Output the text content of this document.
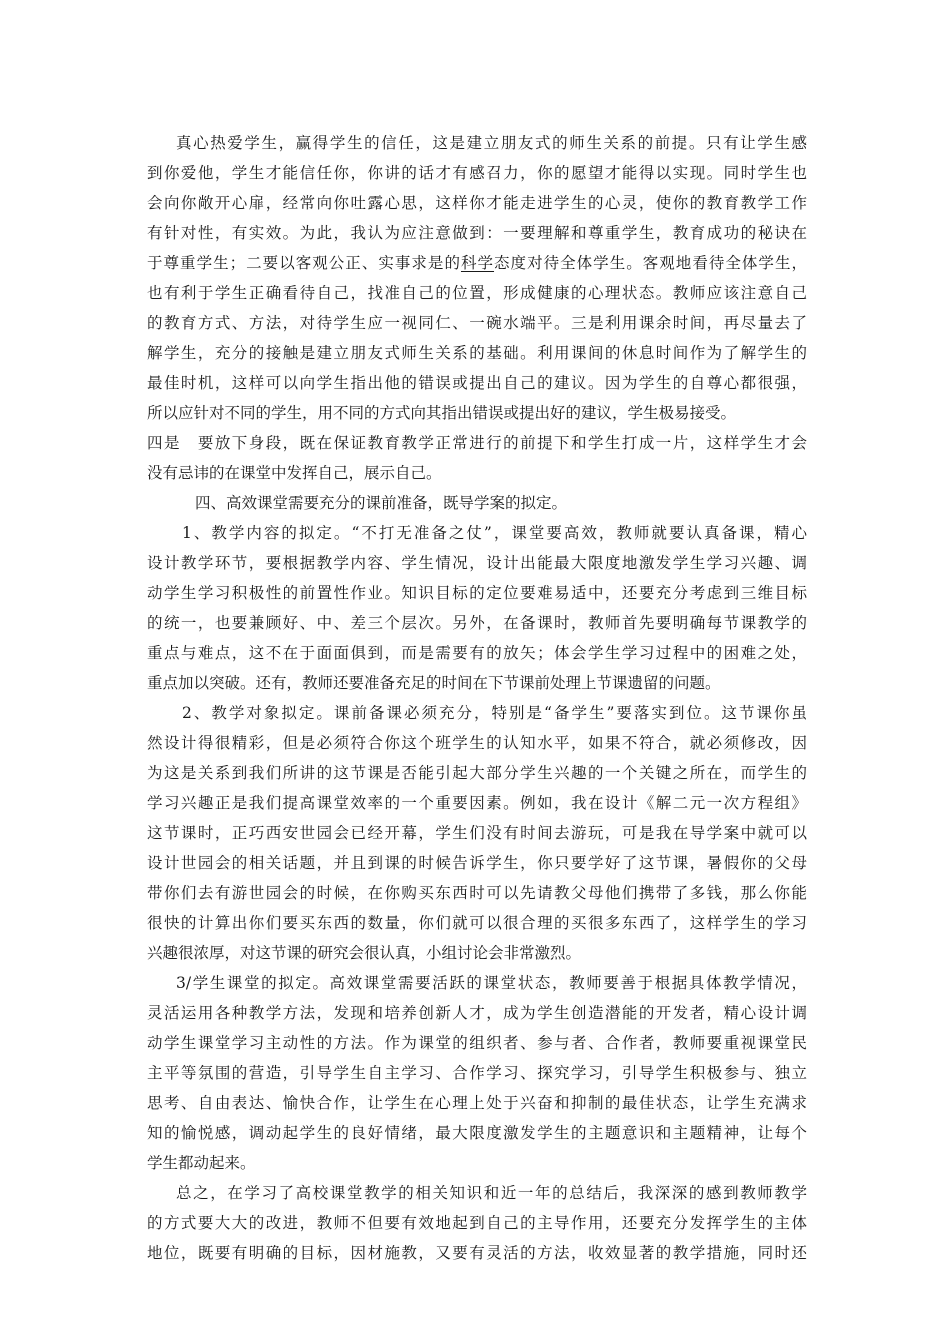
真心热爱学生，赢得学生的信任，这是建立朋友式的师生关系的前提。只有让学生感
到你爱他，学生才能信任你，你讲的话才有感召力，你的愿望才能得以实现。同时学生也
会向你敞开心扉，经常向你吐露心思，这样你才能走进学生的心灵，使你的教育教学工作
有针对性，有实效。为此，我认为应注意做到：一要理解和尊重学生，教育成功的秘诀在
于尊重学生；二要以客观公正、实事求是的科学态度对待全体学生。客观地看待全体学生，
也有利于学生正确看待自己，找准自己的位置，形成健康的心理状态。教师应该注意自己
的教育方式、方法，对待学生应一视同仁、一碗水端平。三是利用课余时间，再尽量去了
解学生，充分的接触是建立朋友式师生关系的基础。利用课间的休息时间作为了解学生的
最佳时机，这样可以向学生指出他的错误或提出自己的建议。因为学生的自尊心都很强，
所以应针对不同的学生，用不同的方式向其指出错误或提出好的建议，学生极易接受。
四是　要放下身段，既在保证教育教学正常进行的前提下和学生打成一片，这样学生才会
没有忌讳的在课堂中发挥自己，展示自己。
四、高效课堂需要充分的课前准备，既导学案的拟定。
1、教学内容的拟定。“不打无准备之仗”，课堂要高效，教师就要认真备课，精心
设计教学环节，要根据教学内容、学生情况，设计出能最大限度地激发学生学习兴趣、调
动学生学习积极性的前置性作业。知识目标的定位要难易适中，还要充分考虑到三维目标
的统一，也要兼顾好、中、差三个层次。另外，在备课时，教师首先要明确每节课教学的
重点与难点，这不在于面面俱到，而是需要有的放矢；体会学生学习过程中的困难之处，
重点加以突破。还有，教师还要准备充足的时间在下节课前处理上节课遗留的问题。
2、教学对象拟定。课前备课必须充分，特别是“备学生”要落实到位。这节课你虽
然设计得很精彩，但是必须符合你这个班学生的认知水平，如果不符合，就必须修改，因
为这是关系到我们所讲的这节课是否能引起大部分学生兴趣的一个关键之所在，而学生的
学习兴趣正是我们提高课堂效率的一个重要因素。例如，我在设计《解二元一次方程组》
这节课时，正巧西安世园会已经开幕，学生们没有时间去游玩，可是我在导学案中就可以
设计世园会的相关话题，并且到课的时候告诉学生，你只要学好了这节课，暑假你的父母
带你们去有游世园会的时候，在你购买东西时可以先请教父母他们携带了多钱，那么你能
很快的计算出你们要买东西的数量，你们就可以很合理的买很多东西了，这样学生的学习
兴趣很浓厚，对这节课的研究会很认真，小组讨论会非常激烈。
3/学生课堂的拟定。高效课堂需要活跃的课堂状态，教师要善于根据具体教学情况，
灵活运用各种教学方法，发现和培养创新人才，成为学生创造潜能的开发者，精心设计调
动学生课堂学习主动性的方法。作为课堂的组织者、参与者、合作者，教师要重视课堂民
主平等氛围的营造，引导学生自主学习、合作学习、探究学习，引导学生积极参与、独立
思考、自由表达、愉快合作，让学生在心理上处于兴奋和抑制的最佳状态，让学生充满求
知的愉悦感，调动起学生的良好情绪，最大限度激发学生的主题意识和主题精神，让每个
学生都动起来。
总之，在学习了高校课堂教学的相关知识和近一年的总结后，我深深的感到教师教学
的方式要大大的改进，教师不但要有效地起到自己的主导作用，还要充分发挥学生的主体
地位，既要有明确的目标，因材施教，又要有灵活的方法，收效显著的教学措施，同时还
